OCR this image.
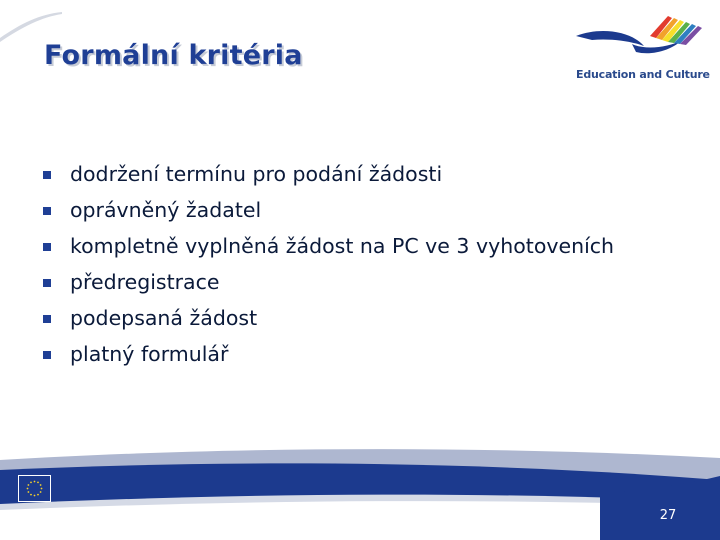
Formální kritéria
Education and Culture
dodržení termínu pro podání žádosti
oprávněný žadatel
kompletně vyplněná žádost na PC ve 3 vyhotoveních
předregistrace
podepsaná žádost
platný formulář
27
